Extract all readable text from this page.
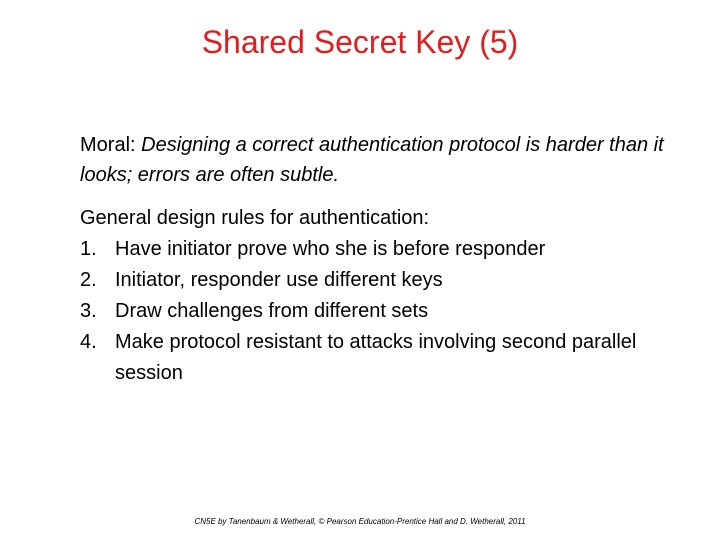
Shared Secret Key (5)
Moral: Designing a correct authentication protocol is harder than it looks; errors are often subtle.
General design rules for authentication:
1. Have initiator prove who she is before responder
2. Initiator, responder use different keys
3. Draw challenges from different sets
4. Make protocol resistant to attacks involving second parallel session
CN5E by Tanenbaum & Wetherall, © Pearson Education-Prentice Hall and D. Wetherall, 2011
